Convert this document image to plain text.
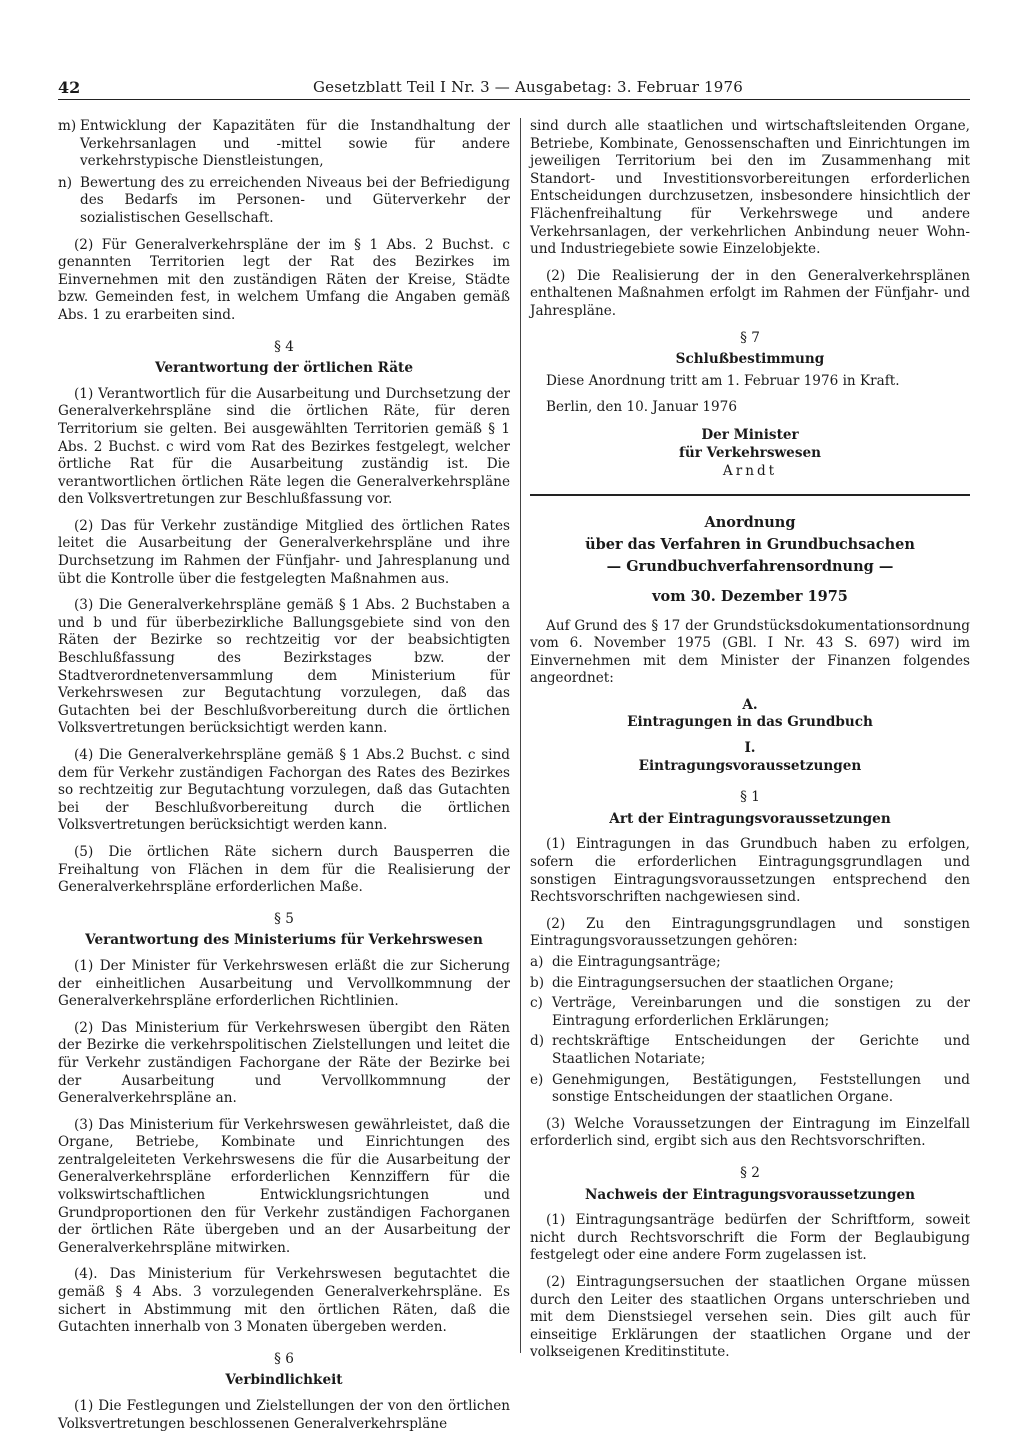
42	Gesetzblatt Teil I Nr. 3 — Ausgabetag: 3. Februar 1976
m) Entwicklung der Kapazitäten für die Instandhaltung der Verkehrsanlagen und -mittel sowie für andere verkehrstypische Dienstleistungen,
n) Bewertung des zu erreichenden Niveaus bei der Befriedigung des Bedarfs im Personen- und Güterverkehr der sozialistischen Gesellschaft.

(2) Für Generalverkehrspläne der im § 1 Abs. 2 Buchst. c genannten Territorien legt der Rat des Bezirkes im Einvernehmen mit den zuständigen Räten der Kreise, Städte bzw. Gemeinden fest, in welchem Umfang die Angaben gemäß Abs. 1 zu erarbeiten sind.

§ 4
Verantwortung der örtlichen Räte

(1) Verantwortlich für die Ausarbeitung und Durchsetzung der Generalverkehrspläne sind die örtlichen Räte, für deren Territorium sie gelten. Bei ausgewählten Territorien gemäß § 1 Abs. 2 Buchst. c wird vom Rat des Bezirkes festgelegt, welcher örtliche Rat für die Ausarbeitung zuständig ist. Die verantwortlichen örtlichen Räte legen die Generalverkehrspläne den Volksvertretungen zur Beschlußfassung vor.

(2) Das für Verkehr zuständige Mitglied des örtlichen Rates leitet die Ausarbeitung der Generalverkehrspläne und ihre Durchsetzung im Rahmen der Fünfjahr- und Jahresplanung und übt die Kontrolle über die festgelegten Maßnahmen aus.

(3) Die Generalverkehrspläne gemäß § 1 Abs. 2 Buchstaben a und b und für überbezirkliche Ballungsgebiete sind von den Räten der Bezirke so rechtzeitig vor der beabsichtigten Beschlußfassung des Bezirkstages bzw. der Stadtverordnetenversammlung dem Ministerium für Verkehrswesen zur Begutachtung vorzulegen, daß das Gutachten bei der Beschlußvorbereitung durch die örtlichen Volksvertretungen berücksichtigt werden kann.

(4) Die Generalverkehrspläne gemäß § 1 Abs.2 Buchst. c sind dem für Verkehr zuständigen Fachorgan des Rates des Bezirkes so rechtzeitig zur Begutachtung vorzulegen, daß das Gutachten bei der Beschlußvorbereitung durch die örtlichen Volksvertretungen berücksichtigt werden kann.

(5) Die örtlichen Räte sichern durch Bausperren die Freihaltung von Flächen in dem für die Realisierung der Generalverkehrspläne erforderlichen Maße.

§ 5
Verantwortung des Ministeriums für Verkehrswesen

(1) Der Minister für Verkehrswesen erläßt die zur Sicherung der einheitlichen Ausarbeitung und Vervollkommnung der Generalverkehrspläne erforderlichen Richtlinien.

(2) Das Ministerium für Verkehrswesen übergibt den Räten der Bezirke die verkehrspolitischen Zielstellungen und leitet die für Verkehr zuständigen Fachorgane der Räte der Bezirke bei der Ausarbeitung und Vervollkommnung der Generalverkehrspläne an.

(3) Das Ministerium für Verkehrswesen gewährleistet, daß die Organe, Betriebe, Kombinate und Einrichtungen des zentralgeleiteten Verkehrswesens die für die Ausarbeitung der Generalverkehrspläne erforderlichen Kennziffern für die volkswirtschaftlichen Entwicklungsrichtungen und Grundproportionen den für Verkehr zuständigen Fachorganen der örtlichen Räte übergeben und an der Ausarbeitung der Generalverkehrspläne mitwirken.

(4). Das Ministerium für Verkehrswesen begutachtet die gemäß § 4 Abs. 3 vorzulegenden Generalverkehrspläne. Es sichert in Abstimmung mit den örtlichen Räten, daß die Gutachten innerhalb von 3 Monaten übergeben werden.

§ 6
Verbindlichkeit

(1) Die Festlegungen und Zielstellungen der von den örtlichen Volksvertretungen beschlossenen Generalverkehrspläne

sind durch alle staatlichen und wirtschaftsleitenden Organe, Betriebe, Kombinate, Genossenschaften und Einrichtungen im jeweiligen Territorium bei den im Zusammenhang mit Standort- und Investitionsvorbereitungen erforderlichen Entscheidungen durchzusetzen, insbesondere hinsichtlich der Flächenfreihaltung für Verkehrswege und andere Verkehrsanlagen, der verkehrlichen Anbindung neuer Wohn- und Industriegebiete sowie Einzelobjekte.

(2) Die Realisierung der in den Generalverkehrsplänen enthaltenen Maßnahmen erfolgt im Rahmen der Fünfjahr- und Jahrespläne.

§ 7
Schlußbestimmung

Diese Anordnung tritt am 1. Februar 1976 in Kraft.

Berlin, den 10. Januar 1976

Der Minister
für Verkehrswesen
Arndt
Anordnung
über das Verfahren in Grundbuchsachen
— Grundbuchverfahrensordnung —
vom 30. Dezember 1975

Auf Grund des § 17 der Grundstücksdokumentationsordnung vom 6. November 1975 (GBl. I Nr. 43 S. 697) wird im Einvernehmen mit dem Minister der Finanzen folgendes angeordnet:

A.
Eintragungen in das Grundbuch
I.
Eintragungsvoraussetzungen
§ 1
Art der Eintragungsvoraussetzungen

(1) Eintragungen in das Grundbuch haben zu erfolgen, sofern die erforderlichen Eintragungsgrundlagen und sonstigen Eintragungsvoraussetzungen entsprechend den Rechtsvorschriften nachgewiesen sind.

(2) Zu den Eintragungsgrundlagen und sonstigen Eintragungsvoraussetzungen gehören:

a) die Eintragungsanträge;
b) die Eintragungsersuchen der staatlichen Organe;
c) Verträge, Vereinbarungen und die sonstigen zu der Eintragung erforderlichen Erklärungen;
d) rechtskräftige Entscheidungen der Gerichte und Staatlichen Notariate;
e) Genehmigungen, Bestätigungen, Feststellungen und sonstige Entscheidungen der staatlichen Organe.

(3) Welche Voraussetzungen der Eintragung im Einzelfall erforderlich sind, ergibt sich aus den Rechtsvorschriften.

§ 2
Nachweis der Eintragungsvoraussetzungen

(1) Eintragungsanträge bedürfen der Schriftform, soweit nicht durch Rechtsvorschrift die Form der Beglaubigung festgelegt oder eine andere Form zugelassen ist.

(2) Eintragungsersuchen der staatlichen Organe müssen durch den Leiter des staatlichen Organs unterschrieben und mit dem Dienstsiegel versehen sein. Dies gilt auch für einseitige Erklärungen der staatlichen Organe und der volkseigenen Kreditinstitute.
